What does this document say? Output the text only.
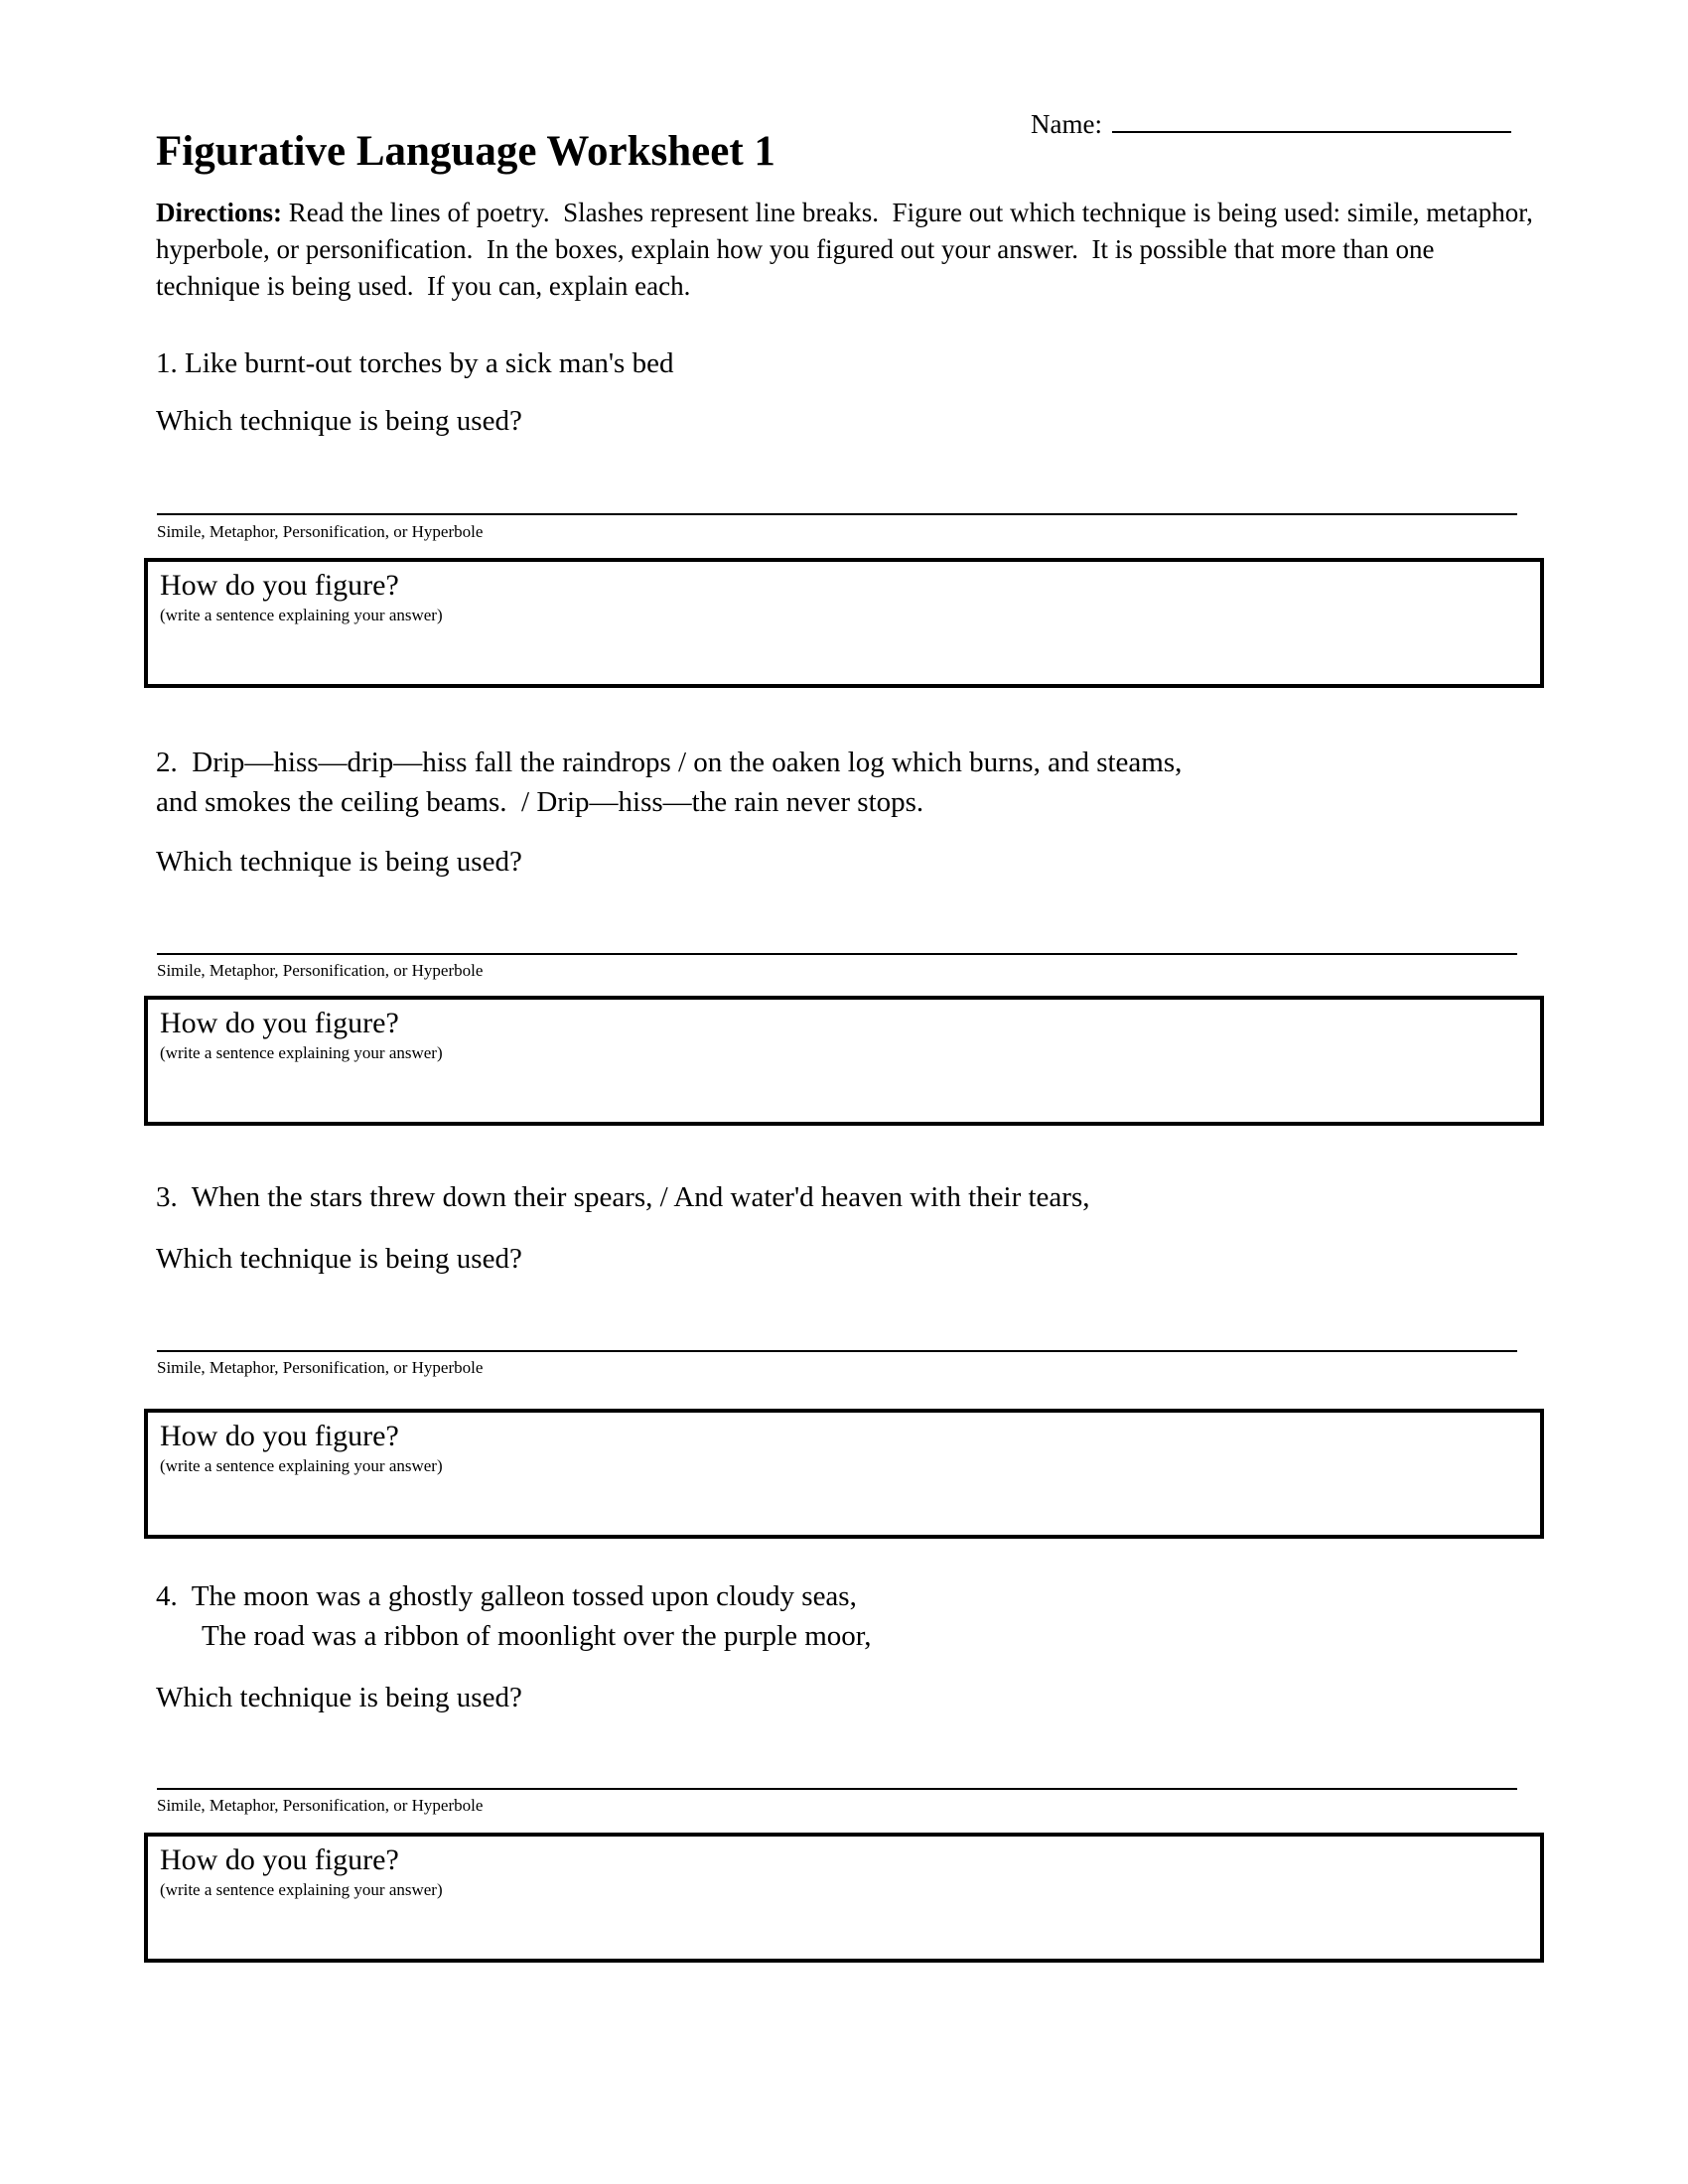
Name:
Figurative Language Worksheet 1

Directions: Read the lines of poetry.  Slashes represent line breaks.  Figure out which technique is being used: simile, metaphor, hyperbole, or personification.  In the boxes, explain how you figured out your answer.  It is possible that more than one technique is being used.  If you can, explain each.

1. Like burnt-out torches by a sick man's bed
Which technique is being used?
Simile, Metaphor, Personification, or Hyperbole
How do you figure?
(write a sentence explaining your answer)
2.  Drip—hiss—drip—hiss fall the raindrops / on the oaken log which burns, and steams,
and smokes the ceiling beams.  / Drip—hiss—the rain never stops.
Which technique is being used?
Simile, Metaphor, Personification, or Hyperbole
How do you figure?
(write a sentence explaining your answer)
3.  When the stars threw down their spears, / And water'd heaven with their tears,
Which technique is being used?
Simile, Metaphor, Personification, or Hyperbole
How do you figure?
(write a sentence explaining your answer)
4.  The moon was a ghostly galleon tossed upon cloudy seas,
The road was a ribbon of moonlight over the purple moor,
Which technique is being used?
Simile, Metaphor, Personification, or Hyperbole
How do you figure?
(write a sentence explaining your answer)
